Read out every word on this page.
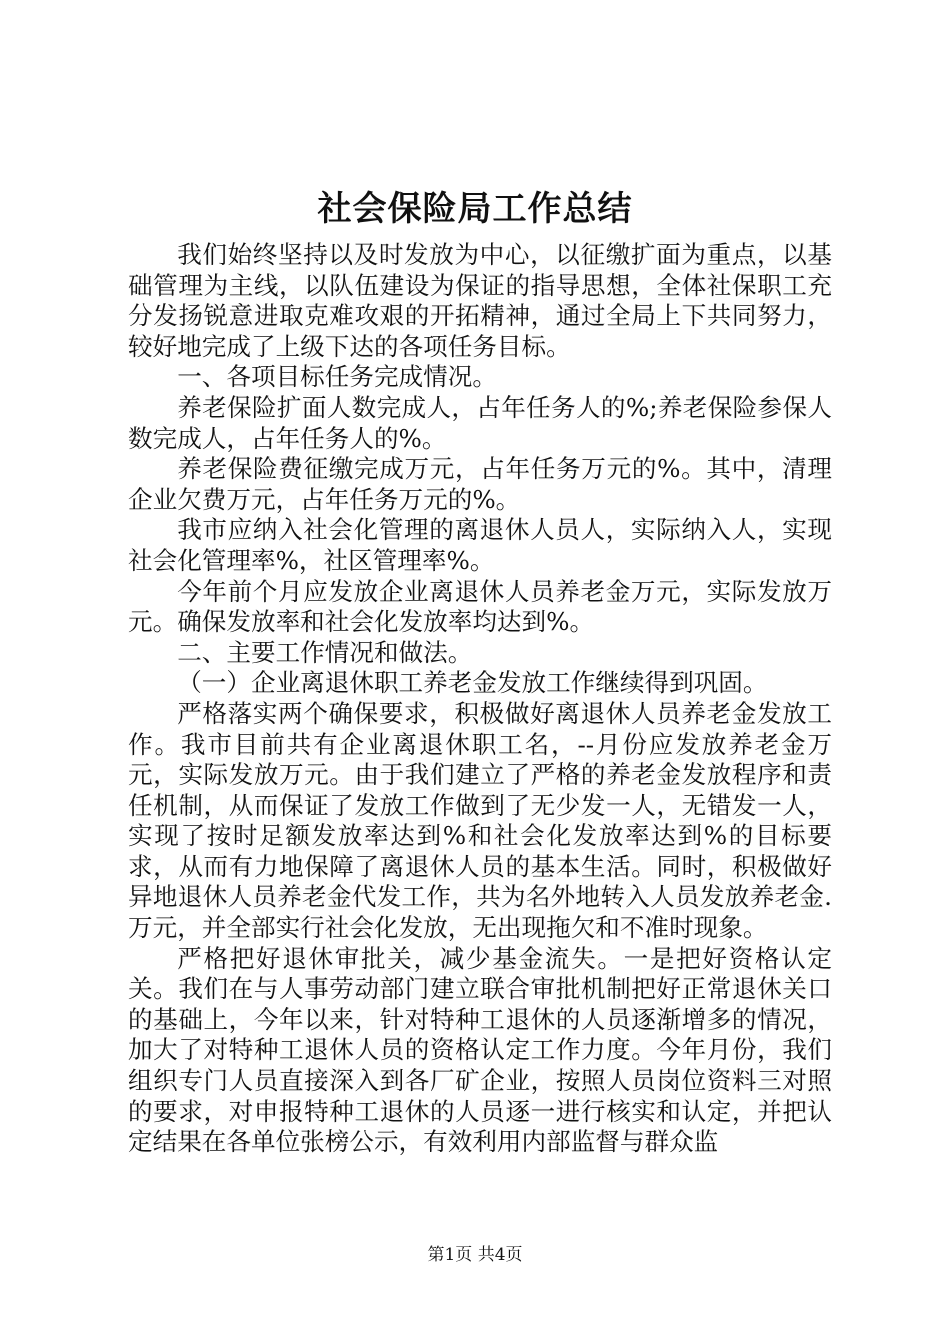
社会保险局工作总结

我们始终坚持以及时发放为中心，以征缴扩面为重点，以基础管理为主线，以队伍建设为保证的指导思想，全体社保职工充分发扬锐意进取克难攻艰的开拓精神，通过全局上下共同努力，较好地完成了上级下达的各项任务目标。

一、各项目标任务完成情况。

养老保险扩面人数完成人，占年任务人的%;养老保险参保人数完成人，占年任务人的%。

养老保险费征缴完成万元，占年任务万元的%。其中，清理企业欠费万元，占年任务万元的%。

我市应纳入社会化管理的离退休人员人，实际纳入人，实现社会化管理率%，社区管理率%。

今年前个月应发放企业离退休人员养老金万元，实际发放万元。确保发放率和社会化发放率均达到%。

二、主要工作情况和做法。

（一）企业离退休职工养老金发放工作继续得到巩固。

严格落实两个确保要求，积极做好离退休人员养老金发放工作。我市目前共有企业离退休职工名，--月份应发放养老金万元，实际发放万元。由于我们建立了严格的养老金发放程序和责任机制，从而保证了发放工作做到了无少发一人，无错发一人，实现了按时足额发放率达到%和社会化发放率达到%的目标要求，从而有力地保障了离退休人员的基本生活。同时，积极做好异地退休人员养老金代发工作，共为名外地转入人员发放养老金.万元，并全部实行社会化发放，无出现拖欠和不准时现象。

严格把好退休审批关，减少基金流失。一是把好资格认定关。我们在与人事劳动部门建立联合审批机制把好正常退休关口的基础上，今年以来，针对特种工退休的人员逐渐增多的情况，加大了对特种工退休人员的资格认定工作力度。今年月份，我们组织专门人员直接深入到各厂矿企业，按照人员岗位资料三对照的要求，对申报特种工退休的人员逐一进行核实和认定，并把认定结果在各单位张榜公示，有效利用内部监督与群众监

第1页 共4页
